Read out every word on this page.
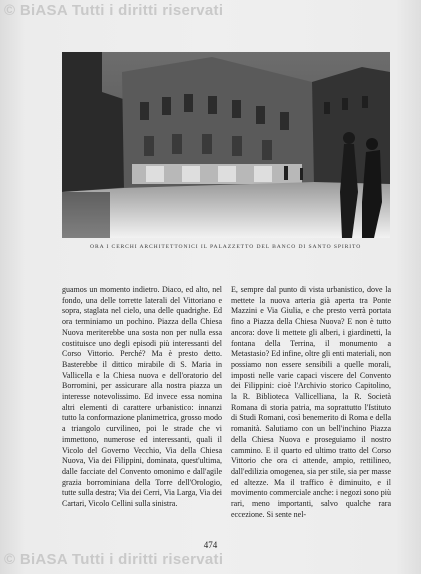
© BiASA Tutti i diritti riservati
ORA I CERCHI ARCHITETTONICI IL PALAZZETTO DEL BANCO DI SANTO SPIRITO

guamos un momento indietro. Diaco, ed alto, nel fondo, una delle torrette laterali del Vittoriano e sopra, staglata nel cielo, una delle quadrighe. Ed ora terminiamo un pochino. Piazza della Chiesa Nuova meriterebbe una sosta non per nulla essa costituisce uno degli episodi più interessanti del Corso Vittorio. Perché? Ma è presto detto. Basterebbe il dittico mirabile di S. Maria in Vallicella e la Chiesa nuova e dell'oratorio del Borromini, per assicurare alla nostra piazza un interesse notevolissimo. Ed invece essa nomina altri elementi di carattere urbanistico: innanzi tutto la conformazione planimetrica, grosso modo a triangolo curvilineo, poi le strade che vi immettono, numerose ed interessanti, quali il Vicolo del Governo Vecchio, Via della Chiesa Nuova, Via dei Filippini, dominata, quest'ultima, dalle facciate del Convento omonimo e dall'agile grazia borrominiana della Torre dell'Orologio, tutte sulla destra; Via dei Cerri, Via Larga, Via dei Cartari, Vicolo Cellini sulla sinistra.

E, sempre dal punto di vista urbanistico, dove la mettete la nuova arteria già aperta tra Ponte Mazzini e Via Giulia, e che presto verrà portata fino a Piazza della Chiesa Nuova? E non è tutto ancora: dove li mettete gli alberi, i giardinetti, la fontana della Terrina, il monumento a Metastasio? Ed infine, oltre gli enti materiali, non possiamo non essere sensibili a quelle morali, imposti nelle varie capaci viscere del Convento dei Filippini: cioè l'Archivio storico Capitolino, la R. Biblioteca Vallicelliana, la R. Società Romana di storia patria, ma soprattutto l'Istituto di Studi Romani, così benemerito di Roma e della romanità. Salutiamo con un bell'inchino Piazza della Chiesa Nuova e proseguiamo il nostro cammino. E il quarto ed ultimo tratto del Corso Vittorio che ora ci attende, ampio, rettilineo, dall'edilizia omogenea, sia per stile, sia per masse ed altezze. Ma il traffico è diminuito, e il movimento commerciale anche: i negozi sono più rari, meno importanti, salvo qualche rara eccezione. Si sente nel-

474
© BiASA Tutti i diritti riservati
